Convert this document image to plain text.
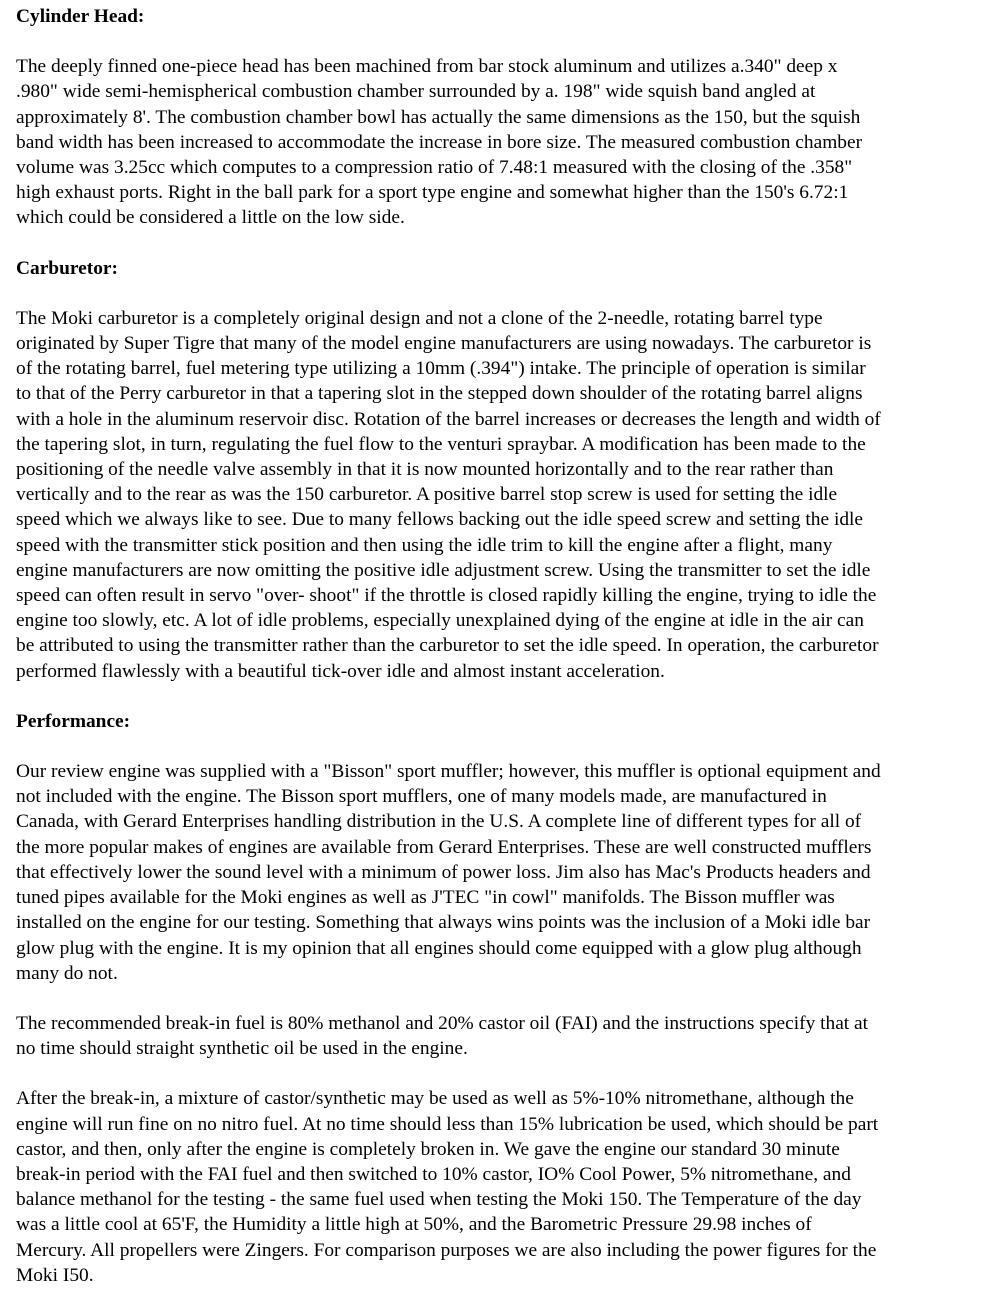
Cylinder Head:
The deeply finned one-piece head has been machined from bar stock aluminum and utilizes a.340" deep x
.980" wide semi-hemispherical combustion chamber surrounded by a. 198" wide squish band angled at
approximately 8'. The combustion chamber bowl has actually the same dimensions as the 150, but the squish
band width has been increased to accommodate the increase in bore size. The measured combustion chamber
volume was 3.25cc which computes to a compression ratio of 7.48:1 measured with the closing of the .358"
high exhaust ports. Right in the ball park for a sport type engine and somewhat higher than the 150's 6.72:1
which could be considered a little on the low side.
Carburetor:
The Moki carburetor is a completely original design and not a clone of the 2-needle, rotating barrel type
originated by Super Tigre that many of the model engine manufacturers are using nowadays. The carburetor is
of the rotating barrel, fuel metering type utilizing a 10mm (.394") intake. The principle of operation is similar
to that of the Perry carburetor in that a tapering slot in the stepped down shoulder of the rotating barrel aligns
with a hole in the aluminum reservoir disc. Rotation of the barrel increases or decreases the length and width of
the tapering slot, in turn, regulating the fuel flow to the venturi spraybar. A modification has been made to the
positioning of the needle valve assembly in that it is now mounted horizontally and to the rear rather than
vertically and to the rear as was the 150 carburetor. A positive barrel stop screw is used for setting the idle
speed which we always like to see. Due to many fellows backing out the idle speed screw and setting the idle
speed with the transmitter stick position and then using the idle trim to kill the engine after a flight, many
engine manufacturers are now omitting the positive idle adjustment screw. Using the transmitter to set the idle
speed can often result in servo "over- shoot" if the throttle is closed rapidly killing the engine, trying to idle the
engine too slowly, etc. A lot of idle problems, especially unexplained dying of the engine at idle in the air can
be attributed to using the transmitter rather than the carburetor to set the idle speed. In operation, the carburetor
performed flawlessly with a beautiful tick-over idle and almost instant acceleration.
Performance:
Our review engine was supplied with a "Bisson" sport muffler; however, this muffler is optional equipment and
not included with the engine. The Bisson sport mufflers, one of many models made, are manufactured in
Canada, with Gerard Enterprises handling distribution in the U.S. A complete line of different types for all of
the more popular makes of engines are available from Gerard Enterprises. These are well constructed mufflers
that effectively lower the sound level with a minimum of power loss. Jim also has Mac's Products headers and
tuned pipes available for the Moki engines as well as J'TEC "in cowl" manifolds. The Bisson muffler was
installed on the engine for our testing. Something that always wins points was the inclusion of a Moki idle bar
glow plug with the engine. It is my opinion that all engines should come equipped with a glow plug although
many do not.
The recommended break-in fuel is 80% methanol and 20% castor oil (FAI) and the instructions specify that at
no time should straight synthetic oil be used in the engine.
After the break-in, a mixture of castor/synthetic may be used as well as 5%-10% nitromethane, although the
engine will run fine on no nitro fuel. At no time should less than 15% lubrication be used, which should be part
castor, and then, only after the engine is completely broken in. We gave the engine our standard 30 minute
break-in period with the FAI fuel and then switched to 10% castor, IO% Cool Power, 5% nitromethane, and
balance methanol for the testing - the same fuel used when testing the Moki 150. The Temperature of the day
was a little cool at 65'F, the Humidity a little high at 50%, and the Barometric Pressure 29.98 inches of
Mercury. All propellers were Zingers. For comparison purposes we are also including the power figures for the
Moki I50.
